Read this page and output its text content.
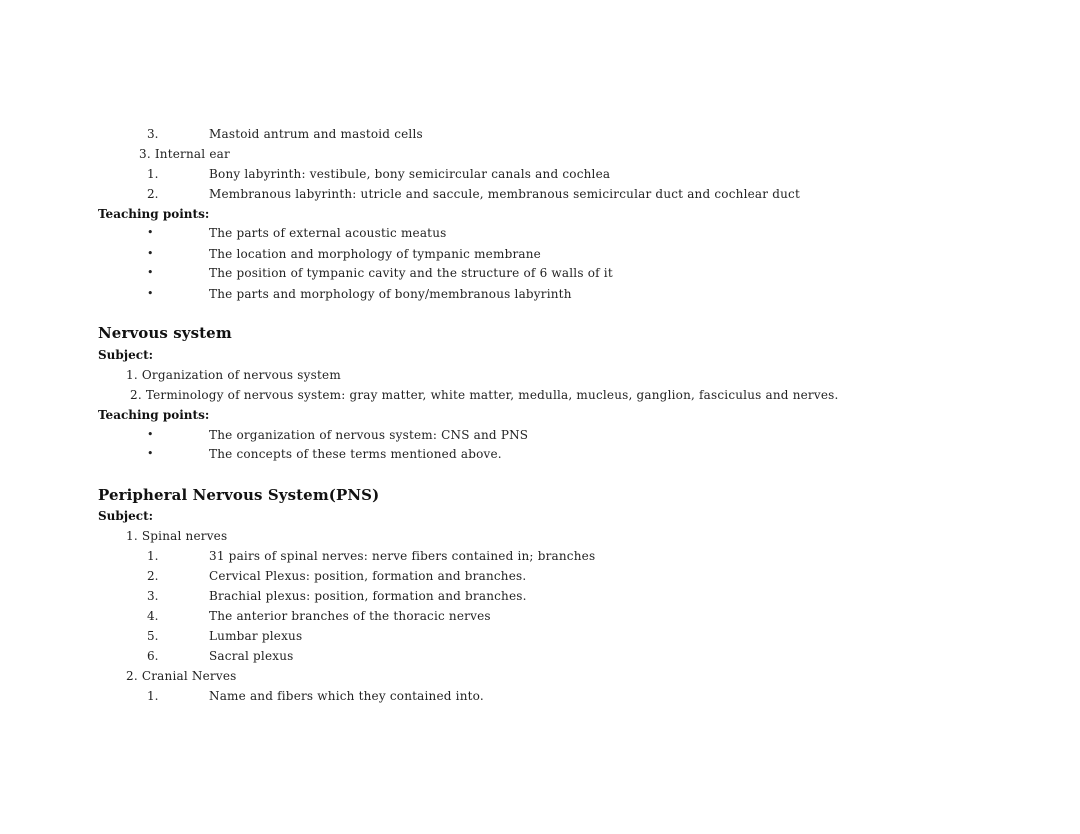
3.	Mastoid antrum and mastoid cells
3. Internal ear
1.	Bony labyrinth: vestibule, bony semicircular canals and cochlea
2.	Membranous labyrinth: utricle and saccule, membranous semicircular duct and cochlear duct
Teaching points:
•	The parts of external acoustic meatus
•	The location and morphology of tympanic membrane
•	The position of tympanic cavity and the structure of 6 walls of it
•	The parts and morphology of bony/membranous labyrinth
Nervous system
Subject:
1. Organization of nervous system
2. Terminology of nervous system: gray matter, white matter, medulla, mucleus, ganglion, fasciculus and nerves.
Teaching points:
•	The organization of nervous system: CNS and PNS
•	The concepts of these terms mentioned above.
Peripheral Nervous System(PNS)
Subject:
1. Spinal nerves
1.	31 pairs of spinal nerves: nerve fibers contained in; branches
2.	Cervical Plexus: position, formation and branches.
3.	Brachial plexus: position, formation and branches.
4.	The anterior branches of the thoracic nerves
5.	Lumbar plexus
6.	Sacral plexus
2. Cranial Nerves
1.	Name and fibers which they contained into.
